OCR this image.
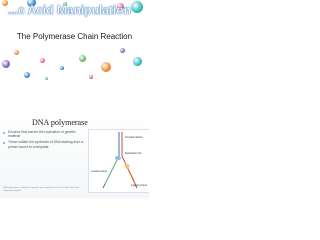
...c Acid Manipulation
The Polymerase Chain Reaction
DNA polymerase
Enzyme that carries the replication of genetic material
These initiate the synthesis of DNA starting from a primer bound to a template
Template Strand
Replication fork
Leading strand
Lagging strand
DNA replication is initiated at specific sites, replication occurs in both directions along the template
